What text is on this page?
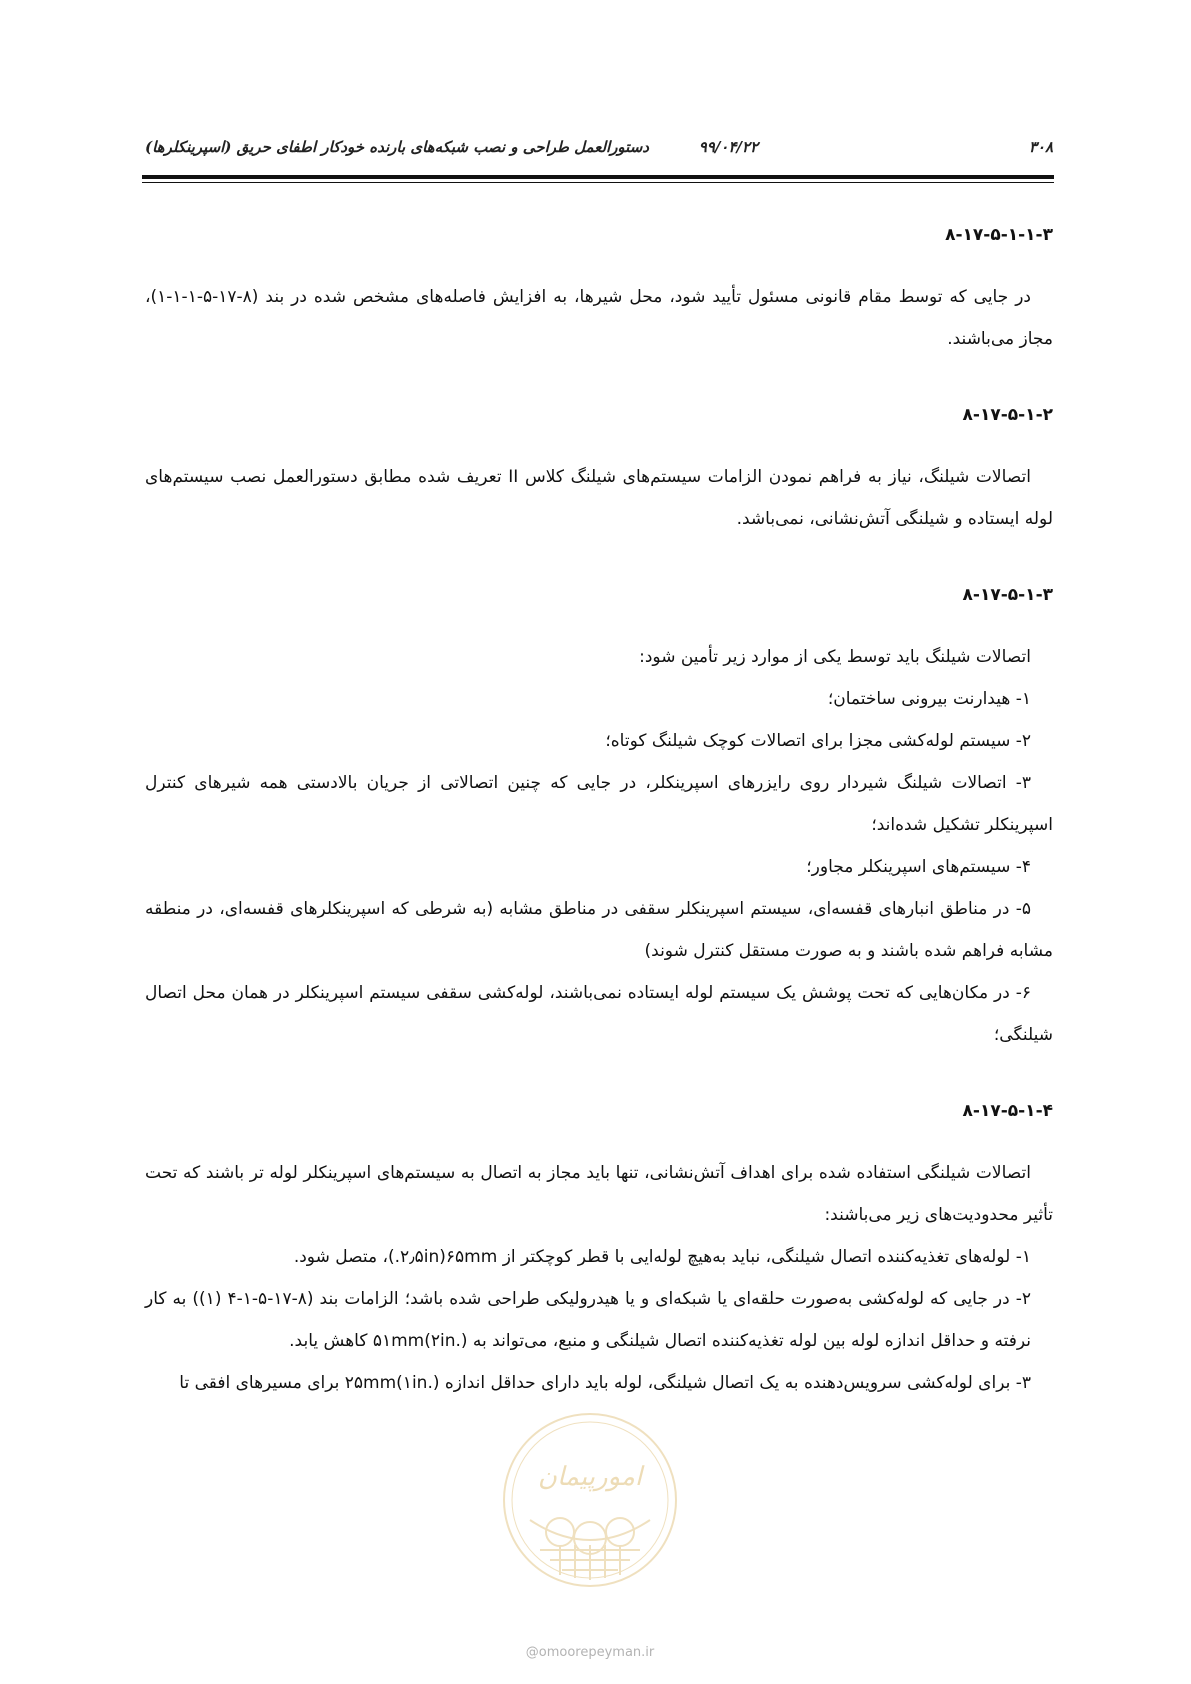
۳۰۸
۹۹/۰۴/۲۲
دستورالعمل طراحی و نصب شبکه‌های بارنده خودکار اطفای حریق (اسپرینکلرها)

۸-۱۷-۵-۱-۱-۳

در جایی که توسط مقام قانونی مسئول تأیید شود، محل شیرها، به افزایش فاصله‌های مشخص شده در بند (۸-۱۷-۵-۱-۱-۱)، مجاز می‌باشند.

۸-۱۷-۵-۱-۲

اتصالات شیلنگ، نیاز به فراهم نمودن الزامات سیستم‌های شیلنگ کلاس II تعریف شده مطابق دستورالعمل نصب سیستم‌های لوله ایستاده و شیلنگی آتش‌نشانی، نمی‌باشد.

۸-۱۷-۵-۱-۳

اتصالات شیلنگ باید توسط یکی از موارد زیر تأمین شود:

۱- هیدارنت بیرونی ساختمان؛

۲- سیستم لوله‌کشی مجزا برای اتصالات کوچک شیلنگ کوتاه؛

۳- اتصالات شیلنگ شیردار روی رایزرهای اسپرینکلر، در جایی که چنین اتصالاتی از جریان بالادستی همه شیرهای کنترل اسپرینکلر تشکیل شده‌اند؛

۴- سیستم‌های اسپرینکلر مجاور؛

۵- در مناطق انبارهای قفسه‌ای، سیستم اسپرینکلر سقفی در مناطق مشابه (به شرطی که اسپرینکلرهای قفسه‌ای، در منطقه مشابه فراهم شده باشند و به صورت مستقل کنترل شوند)

۶- در مکان‌هایی که تحت پوشش یک سیستم لوله ایستاده نمی‌باشند، لوله‌کشی سقفی سیستم اسپرینکلر در همان محل اتصال شیلنگی؛

۸-۱۷-۵-۱-۴

اتصالات شیلنگی استفاده شده برای اهداف آتش‌نشانی، تنها باید مجاز به اتصال به سیستم‌های اسپرینکلر لوله تر باشند که تحت تأثیر محدودیت‌های زیر می‌باشند:

۱- لوله‌های تغذیه‌کننده اتصال شیلنگی، نباید به‌هیچ لوله‌ایی با قطر کوچکتر از ۶۵mm(۲٫۵in.)، متصل شود.

۲- در جایی که لوله‌کشی به‌صورت حلقه‌ای یا شبکه‌ای و یا هیدرولیکی طراحی شده باشد؛ الزامات بند (۸-۱۷-۵-۱-۴ (۱)) به کار نرفته و حداقل اندازه لوله بین لوله تغذیه‌کننده اتصال شیلنگی و منبع، می‌تواند به ۵۱mm(۲in.) کاهش یابد.

۳- برای لوله‌کشی سرویس‌دهنده به یک اتصال شیلنگی، لوله باید دارای حداقل اندازه ۲۵mm(۱in.) برای مسیرهای افقی تا

امورپیمان
@omoorepeyman.ir
